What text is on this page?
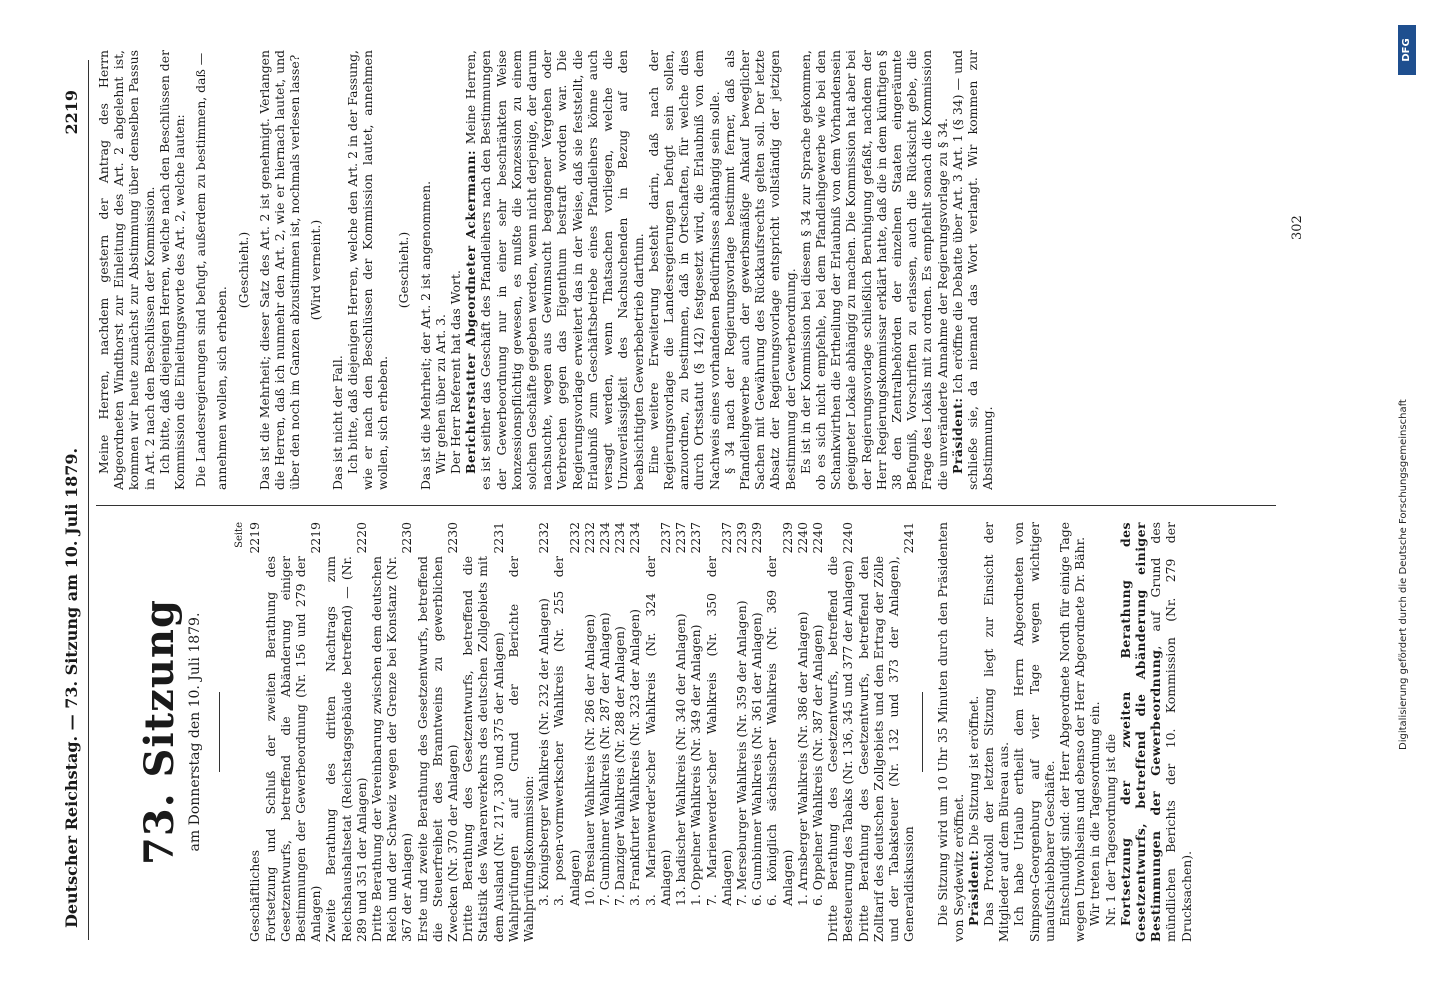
Deutscher Reichstag. — 73. Sitzung am 10. Juli 1879.
2219
73. Sitzung am Donnerstag den 10. Juli 1879.
Seite
Geschäftliches
2219
Fortsetzung und Schluß der zweiten Berathung des Gesetzentwurfs, betreffend die Abänderung einiger Bestimmungen der Gewerbeordnung (Nr. 156 und 279 der Anlagen)
2219
Zweite Berathung des dritten Nachtrags zum Reichshaushaltsetat (Reichstagsgebäude betreffend) — (Nr. 289 und 351 der Anlagen)
2220
Dritte Berathung der Vereinbarung zwischen dem deutschen Reich und der Schweiz wegen der Grenze bei Konstanz (Nr. 367 der Anlagen)
2230
Erste und zweite Berathung des Gesetzentwurfs, betreffend die Steuerfreiheit des Branntweins zu gewerblichen Zwecken (Nr. 370 der Anlagen)
2230
Dritte Berathung des Gesetzentwurfs, betreffend die Statistik des Waarenverkehrs des deutschen Zollgebiets mit dem Ausland (Nr. 217, 330 und 375 der Anlagen)
2231
Wahlprüfungen auf Grund der Berichte der Wahlprüfungskommission: 3. Königsberger Wahlkreis (Nr. 232 der Anlagen)
2232
3. posen-vormwerkscher Wahlkreis (Nr. 255 der Anlagen)
2232
10. Breslauer Wahlkreis (Nr. 286 der Anlagen)
2232
7. Gumbinner Wahlkreis (Nr. 287 der Anlagen)
2234
7. Danziger Wahlkreis (Nr. 288 der Anlagen)
2234
3. Frankfurter Wahlkreis (Nr. 323 der Anlagen)
2234
3. Marienwerder'scher Wahlkreis (Nr. 324 der Anlagen)
2237
13. badischer Wahlkreis (Nr. 340 der Anlagen)
2237
1. Oppelner Wahlkreis (Nr. 349 der Anlagen)
2237
7. Marienwerder'scher Wahlkreis (Nr. 350 der Anlagen)
2237
7. Merseburger Wahlkreis (Nr. 359 der Anlagen)
2239
6. Gumbinner Wahlkreis (Nr. 361 der Anlagen)
2239
6. königlich sächsischer Wahlkreis (Nr. 369 der Anlagen)
2239
1. Arnsberger Wahlkreis (Nr. 386 der Anlagen)
2240
6. Oppelner Wahlkreis (Nr. 387 der Anlagen)
2240
Dritte Berathung des Gesetzentwurfs, betreffend die Besteuerung des Tabaks (Nr. 136, 345 und 377 der Anlagen)
2240
Dritte Berathung des Gesetzentwurfs, betreffend den Zolltarif des deutschen Zollgebiets und den Ertrag der Zölle und der Tabaksteuer (Nr. 132 und 373 der Anlagen), Generaldiskussion
2241 Die Sitzung wird um 10 Uhr 35 Minuten durch den Präsidenten von Seydewitz eröffnet. Präsident: Die Sitzung ist eröffnet. Das Protokoll der letzten Sitzung liegt zur Einsicht der Mitglieder auf dem Büreau aus. Ich habe Urlaub ertheilt dem Herrn Abgeordneten von Simpson-Georgenburg auf vier Tage wegen wichtiger unaufschiebbarer Geschäfte. Entschuldigt sind: der Herr Abgeordnete Nordh für einige Tage wegen Unwohlseins und ebenso der Herr Abgeordnete Dr. Bähr. Wir treten in die Tagesordnung ein. Nr. 1 der Tagesordnung ist die Fortsetzung der zweiten Berathung des Gesetzentwurfs, betreffend die Abänderung einiger Bestimmungen der Gewerbeordnung, auf Grund des mündlichen Berichts der 10. Kommission (Nr. 279 der Drucksachen).

Meine Herren, nachdem gestern der Antrag des Herrn Abgeordneten Windthorst zur Einleitung des Art. 2 abgelehnt ist, kommen wir heute zunächst zur Abstimmung über denselben Passus in Art. 2 nach den Beschlüssen der Kommission. Ich bitte, daß diejenigen Herren, welche nach den Beschlüssen der Kommission die Einleitungsworte des Art. 2, welche lauten: Die Landesregierungen sind befugt, außerdem zu bestimmen, daß — annehmen wollen, sich erheben.

(Geschieht.) Das ist die Mehrheit; dieser Satz des Art. 2 ist genehmigt. Verlangen die Herren, daß ich nunmehr den Art. 2, wie er hiernach lautet, und über den noch im Ganzen abzustimmen ist, nochmals verlesen lasse? (Wird verneint.)

Das ist nicht der Fall. Ich bitte, daß diejenigen Herren, welche den Art. 2 in der Fassung, wie er nach den Beschlüssen der Kommission lautet, annehmen wollen, sich erheben.

(Geschieht.) Das ist die Mehrheit; der Art. 2 ist angenommen. Wir gehen über zu Art. 3. Der Herr Referent hat das Wort. Berichterstatter Abgeordneter Ackermann: Meine Herren, es ist seither das Geschäft des Pfandleihers nach den Bestimmungen der Gewerbeordnung nur in einer sehr beschränkten Weise konzessionspflichtig gewesen, es mußte die Konzession zu einem solchen Geschäfte gegeben werden, wenn nicht derjenige, der darum nachsuchte, wegen aus Gewinnsucht begangener Vergehen oder Verbrechen gegen das Eigenthum bestraft worden war. Die Regierungsvorlage erweitert das in der Weise, daß sie feststellt, die Erlaubniß zum Geschäftsbetriebe eines Pfandleihers könne auch versagt werden, wenn Thatsachen vorliegen, welche die Unzuverlässigkeit des Nachsuchenden in Bezug auf den beabsichtigten Gewerbebetrieb darthun. Eine weitere Erweiterung besteht darin, daß nach der Regierungsvorlage die Landesregierungen befugt sein sollen, anzuordnen, zu bestimmen, daß in Ortschaften, für welche dies durch Ortsstatut (§ 142) festgesetzt wird, die Erlaubniß von dem Nachweis eines vorhandenen Bedürfnisses abhängig sein solle. § 34 nach der Regierungsvorlage bestimmt ferner, daß als Pfandleihgewerbe auch der gewerbsmäßige Ankauf beweglicher Sachen mit Gewährung des Rückkaufsrechts gelten soll. Der letzte Absatz der Regierungsvorlage entspricht vollständig der jetzigen Bestimmung der Gewerbeordnung. Es ist in der Kommission bei diesem § 34 zur Sprache gekommen, ob es sich nicht empfehle, bei dem Pfandleihgewerbe wie bei den Schankwirthen die Ertheilung der Erlaubniß von dem Vorhandensein geeigneter Lokale abhängig zu machen. Die Kommission hat aber bei der Regierungsvorlage schließlich Beruhigung gefaßt, nachdem der Herr Regierungskommissar erklärt hatte, daß die in dem künftigen § 38 den Zentralbehörden der einzelnen Staaten eingeräumte Befugniß, Vorschriften zu erlassen, auch die Rücksicht gebe, die Frage des Lokals mit zu ordnen. Es empfiehlt sonach die Kommission die unveränderte Annahme der Regierungsvorlage zu § 34. Präsident: Ich eröffne die Debatte über Art. 3 Art. 1 (§ 34) — und schließe sie, da niemand das Wort verlangt. Wir kommen zur Abstimmung.

302
Digitalisierung gefördert durch die Deutsche Forschungsgemeinschaft
DFG
